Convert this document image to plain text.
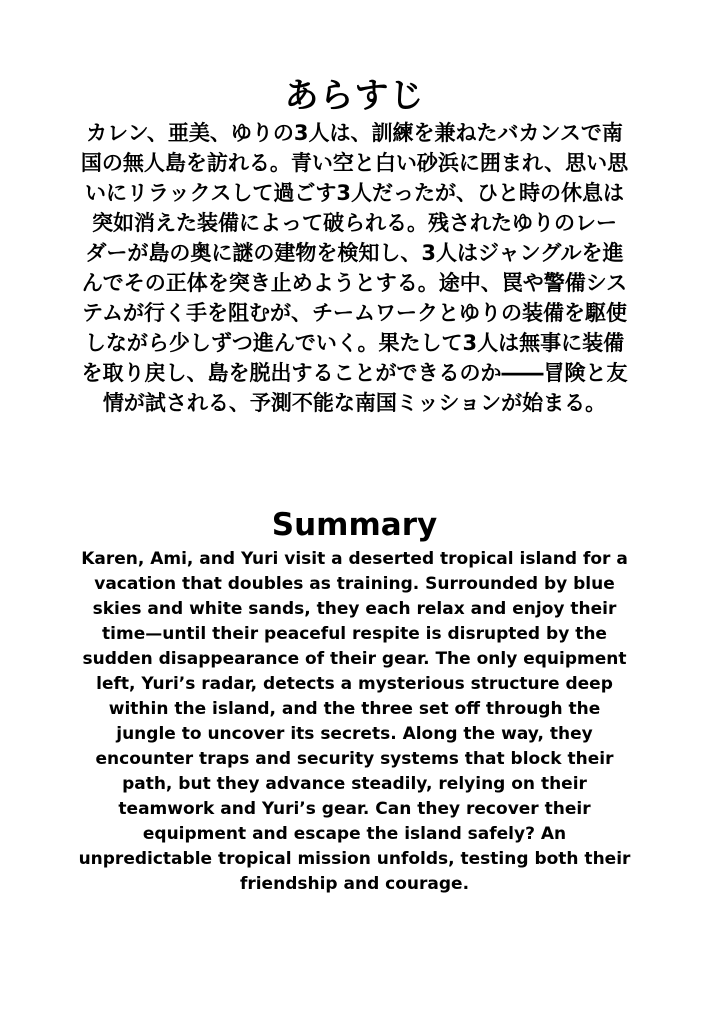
あらすじ

カレン、亜美、ゆりの3人は、訓練を兼ねたバカンスで南
国の無人島を訪れる。青い空と白い砂浜に囲まれ、思い思
いにリラックスして過ごす3人だったが、ひと時の休息は
突如消えた装備によって破られる。残されたゆりのレー
ダーが島の奥に謎の建物を検知し、3人はジャングルを進
んでその正体を突き止めようとする。途中、罠や警備シス
テムが行く手を阻むが、チームワークとゆりの装備を駆使
しながら少しずつ進んでいく。果たして3人は無事に装備
を取り戻し、島を脱出することができるのか――冒険と友
情が試される、予測不能な南国ミッションが始まる。

Summary

Karen, Ami, and Yuri visit a deserted tropical island for a
vacation that doubles as training. Surrounded by blue
skies and white sands, they each relax and enjoy their
time—until their peaceful respite is disrupted by the
sudden disappearance of their gear. The only equipment
left, Yuri’s radar, detects a mysterious structure deep
within the island, and the three set off through the
jungle to uncover its secrets. Along the way, they
encounter traps and security systems that block their
path, but they advance steadily, relying on their
teamwork and Yuri’s gear. Can they recover their
equipment and escape the island safely? An
unpredictable tropical mission unfolds, testing both their
friendship and courage.
